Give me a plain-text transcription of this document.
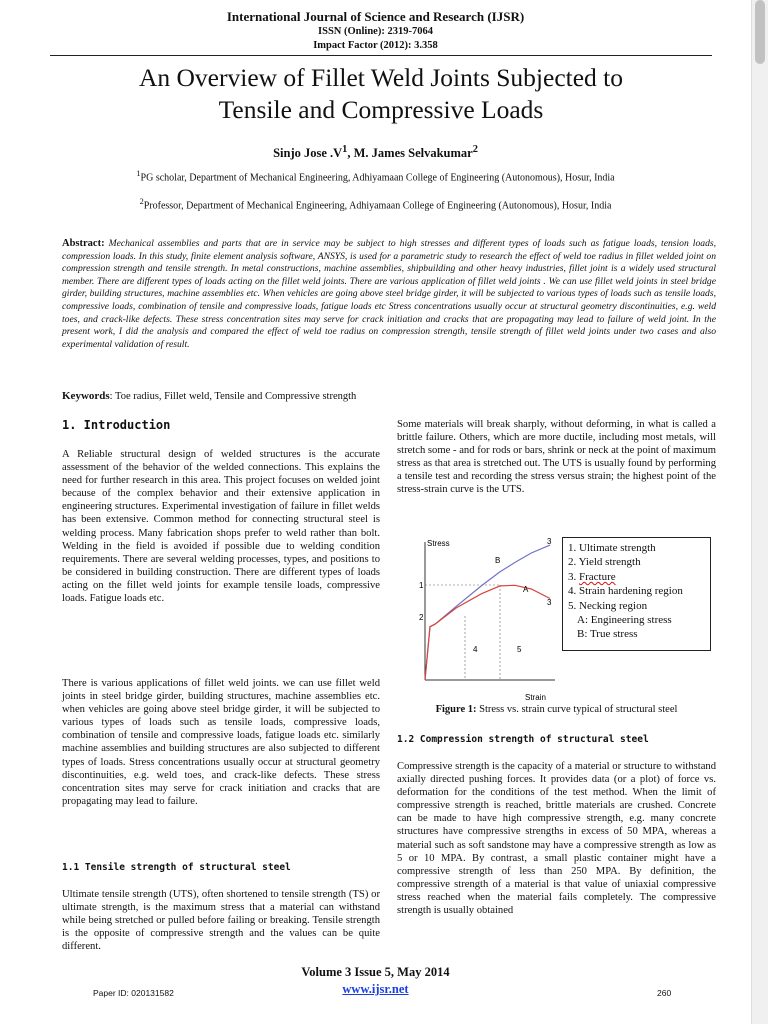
International Journal of Science and Research (IJSR)
ISSN (Online): 2319-7064
Impact Factor (2012): 3.358
An Overview of Fillet Weld Joints Subjected to
Tensile and Compressive Loads
Sinjo Jose $.V^1$, M. James Selvakumar$^2$
$^1$PG scholar, Department of Mechanical Engineering, Adhiyamaan College of Engineering (Autonomous), Hosur, India
$^2$Professor, Department of Mechanical Engineering, Adhiyamaan College of Engineering (Autonomous), Hosur, India
Abstract: Mechanical assemblies and parts that are in service may be subject to high stresses and different types of loads such as fatigue loads, tension loads, compression loads. In this study, finite element analysis software, ANSYS, is used for a parametric study to research the effect of weld toe radius in fillet welded joint on compression strength and tensile strength. In metal constructions, machine assemblies, shipbuilding and other heavy industries, fillet joint is a widely used structural member. There are different types of loads acting on the fillet weld joints. There are various application of fillet weld joints . We can use fillet weld joints in steel bridge girder, building structures, machine assemblies etc. When vehicles are going above steel bridge girder, it will be subjected to various types of loads such as tensile loads, compressive loads, combination of tensile and compressive loads, fatigue loads etc Stress concentrations usually occur at structural geometry discontinuities, e.g. weld toes, and crack-like defects. These stress concentration sites may serve for crack initiation and cracks that are propagating may lead to failure of weld joint. In the present work, I did the analysis and compared the effect of weld toe radius on compression strength, tensile strength of fillet weld joints under two cases and also experimental validation of result.
Keywords: Toe radius, Fillet weld, Tensile and Compressive strength
1. Introduction
A Reliable structural design of welded structures is the accurate assessment of the behavior of the welded connections. This explains the need for further research in this area. This project focuses on welded joint because of the complex behavior and their extensive application in engineering structures. Experimental investigation of failure in fillet welds has been extensive. Common method for connecting structural steel is welding process. Many fabrication shops prefer to weld rather than bolt. Welding in the field is avoided if possible due to welding condition requirements. There are several welding processes, types, and positions to be considered in building construction. There are different types of loads acting on the fillet weld joints for example tensile loads, compressive loads. Fatigue loads etc.
There is various applications of fillet weld joints. we can use fillet weld joints in steel bridge girder, building structures, machine assemblies etc. when vehicles are going above steel bridge girder, it will be subjected to various types of loads such as tensile loads, compressive loads, combination of tensile and compressive loads, fatigue loads etc. similarly machine assemblies and building structures are also subjected to different types of loads. Stress concentrations usually occur at structural geometry discontinuities, e.g. weld toes, and crack-like defects. These stress concentration sites may serve for crack initiation and cracks that are propagating may lead to failure.
1.1 Tensile strength of structural steel
Ultimate tensile strength (UTS), often shortened to tensile strength (TS) or ultimate strength, is the maximum stress that a material can withstand while being stretched or pulled before failing or breaking. Tensile strength is the opposite of compressive strength and the values can be quite different.
Some materials will break sharply, without deforming, in what is called a brittle failure. Others, which are more ductile, including most metals, will stretch some - and for rods or bars, shrink or neck at the point of maximum stress as that area is stretched out. The UTS is usually found by performing a tensile test and recording the stress versus strain; the highest point of the stress-strain curve is the UTS.
Stress
Strain
1
2
3
3
4	5
B
A
1. Ultimate strength
2. Yield strength
3. Fracture
4. Strain hardening region
5. Necking region
A: Engineering stress
B: True stress
Figure 1: Stress vs. strain curve typical of structural steel
1.2 Compression strength of structural steel
Compressive strength is the capacity of a material or structure to withstand axially directed pushing forces. It provides data (or a plot) of force vs. deformation for the conditions of the test method. When the limit of compressive strength is reached, brittle materials are crushed. Concrete can be made to have high compressive strength, e.g. many concrete structures have compressive strengths in excess of 50 MPA, whereas a material such as soft sandstone may have a compressive strength as low as 5 or 10 MPA. By contrast, a small plastic container might have a compressive strength of less than 250 MPA. By definition, the compressive strength of a material is that value of uniaxial compressive stress reached when the material fails completely. The compressive strength is usually obtained
Volume 3 Issue 5, May 2014
Paper ID: 020131582	www.ijsr.net	260
